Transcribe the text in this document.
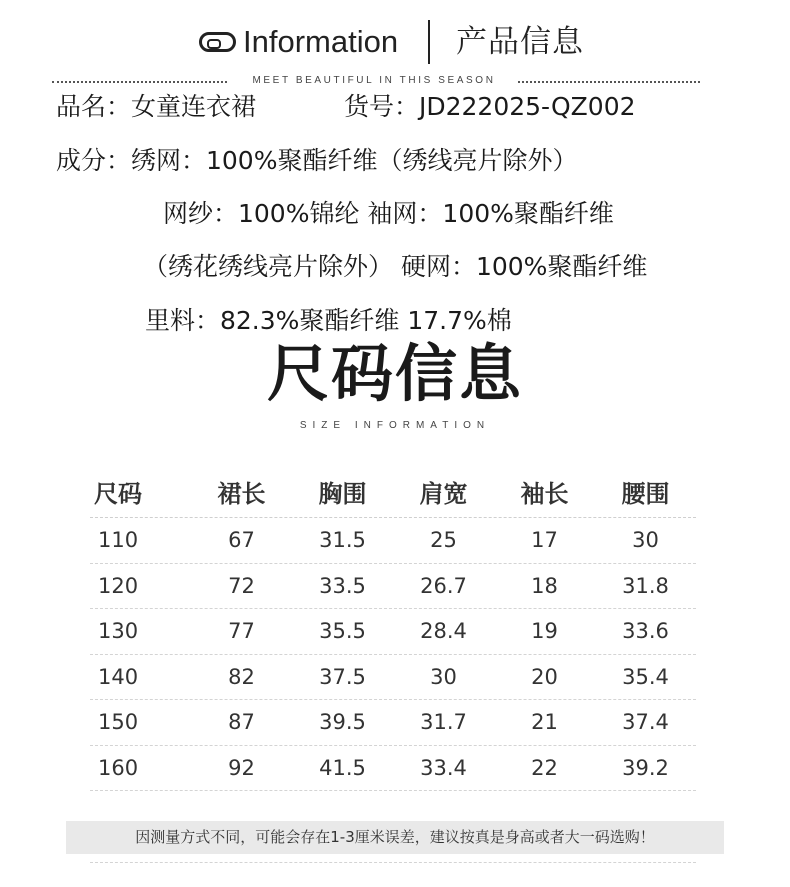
Information 产品信息
MEET BEAUTIFUL IN THIS SEASON
品名：女童连衣裙	货号：JD222025-QZ002
成分：绣网：100%聚酯纤维（绣线亮片除外）
网纱：100%锦纶 袖网：100%聚酯纤维
（绣花绣线亮片除外） 硬网：100%聚酯纤维
里料：82.3%聚酯纤维 17.7%棉
尺码信息
SIZE INFORMATION
尺码	裙长	胸围	肩宽	袖长	腰围
110	67	31.5	25	17	30
120	72	33.5	26.7	18	31.8
130	77	35.5	28.4	19	33.6
140	82	37.5	30	20	35.4
150	87	39.5	31.7	21	37.4
160	92	41.5	33.4	22	39.2
因测量方式不同，可能会存在1-3厘米误差，建议按真是身高或者大一码选购！
